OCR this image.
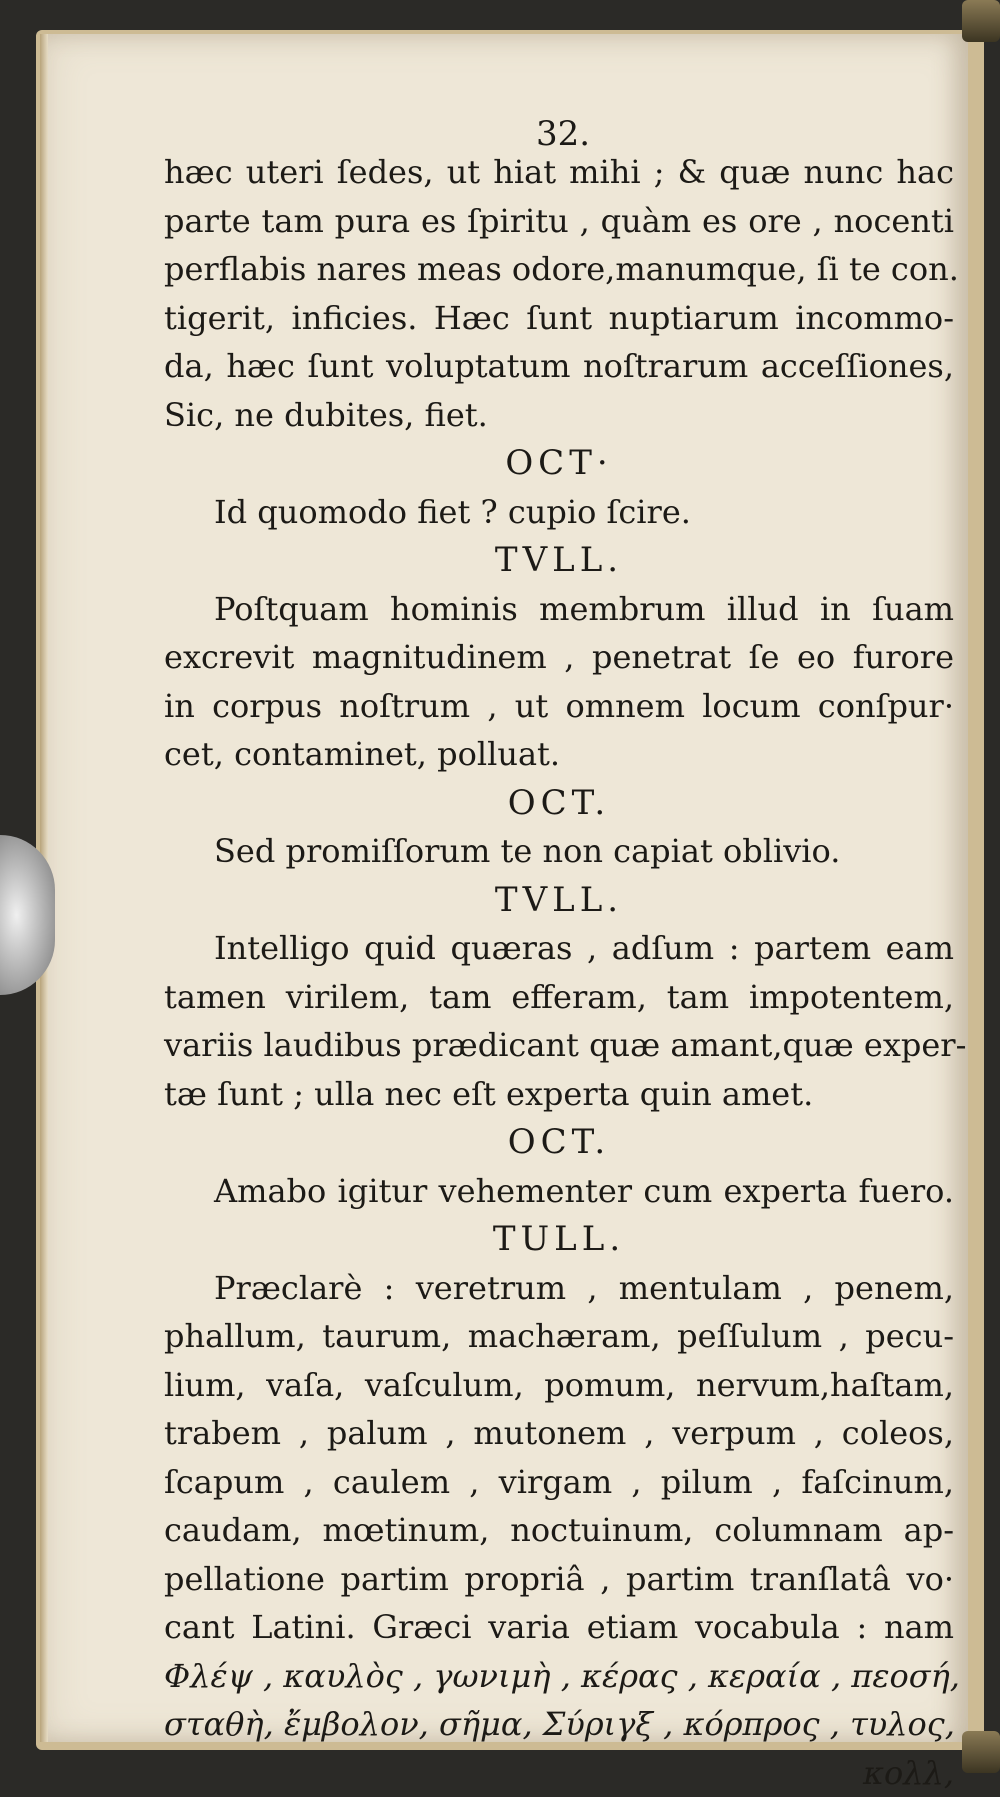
32.
hæc uteri ſedes, ut hiat mihi ; & quæ nunc hac
parte tam pura es ſpiritu , quàm es ore , nocenti
perflabis nares meas odore,manumque, ſi te con.
tigerit, inficies. Hæc ſunt nuptiarum incommo-
da, hæc ſunt voluptatum noſtrarum acceſſiones,
Sic, ne dubites, fiet.
OCT·
Id quomodo fiet ? cupio ſcire.
TVLL.
Poſtquam hominis membrum illud in ſuam
excrevit magnitudinem , penetrat ſe eo furore
in corpus noſtrum , ut omnem locum conſpur·
cet, contaminet, polluat.
OCT.
Sed promiſſorum te non capiat oblivio.
TVLL.
Intelligo quid quæras , adſum : partem eam
tamen virilem, tam efferam, tam impotentem,
variis laudibus prædicant quæ amant,quæ exper-
tæ ſunt ; ulla nec eſt experta quin amet.
OCT.
Amabo igitur vehementer cum experta fuero.
TULL.
Præclarè : veretrum , mentulam , penem,
phallum, taurum, machæram, peſſulum , pecu-
lium, vaſa, vaſculum, pomum, nervum,haſtam,
trabem , palum , mutonem , verpum , coleos,
ſcapum , caulem , virgam , pilum , faſcinum,
caudam, mœtinum, noctuinum, columnam ap-
pellatione partim propriâ , partim tranſlatâ vo·
cant Latini. Græci varia etiam vocabula : nam
Φλέψ , καυλὸς , γωνιμὴ , κέρας , κεραία , πεοσή,
σταθὴ, ἔμβολον, σῆμα, Σύριγξ , κόρπρος , τυλος,
κολλ,
